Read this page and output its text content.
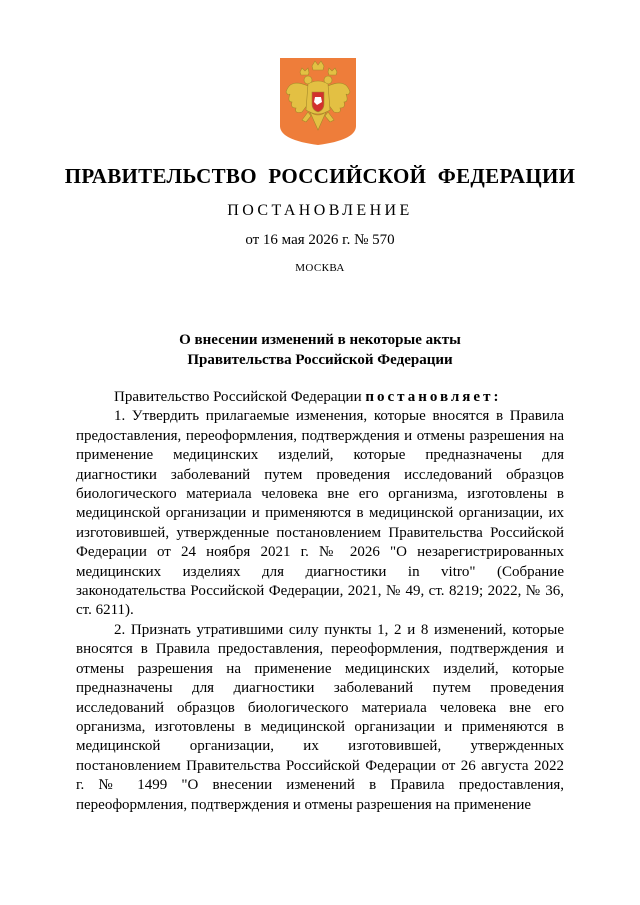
ПРАВИТЕЛЬСТВО РОССИЙСКОЙ ФЕДЕРАЦИИ
ПОСТАНОВЛЕНИЕ
от 16 мая 2026 г. № 570
МОСКВА
О внесении изменений в некоторые акты
Правительства Российской Федерации

Правительство Российской Федерации постановляет:

1. Утвердить прилагаемые изменения, которые вносятся в Правила предоставления, переоформления, подтверждения и отмены разрешения на применение медицинских изделий, которые предназначены для диагностики заболеваний путем проведения исследований образцов биологического материала человека вне его организма, изготовлены в медицинской организации и применяются в медицинской организации, их изготовившей, утвержденные постановлением Правительства Российской Федерации от 24 ноября 2021 г. № 2026 "О незарегистрированных медицинских изделиях для диагностики in vitro" (Собрание законодательства Российской Федерации, 2021, № 49, ст. 8219; 2022, № 36, ст. 6211).

2. Признать утратившими силу пункты 1, 2 и 8 изменений, которые вносятся в Правила предоставления, переоформления, подтверждения и отмены разрешения на применение медицинских изделий, которые предназначены для диагностики заболеваний путем проведения исследований образцов биологического материала человека вне его организма, изготовлены в медицинской организации и применяются в медицинской организации, их изготовившей, утвержденных постановлением Правительства Российской Федерации от 26 августа 2022 г. № 1499 "О внесении изменений в Правила предоставления, переоформления, подтверждения и отмены разрешения на применение
